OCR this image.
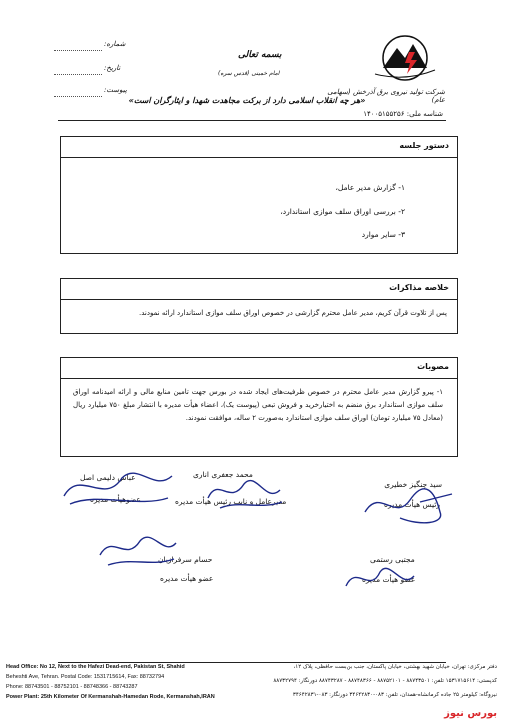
شرکت تولید نیروی برق آذرخش (سهامی عام)
بسمه تعالی
امام خمینی (قدس سره)
«هر چه انقلاب اسلامی دارد از برکت مجاهدت شهدا و ایثارگران است»
شماره:
تاریخ:
پیوست:
شناسه ملی: ۱۴۰۰۵۱۵۵۲۵۶
دستور جلسه
۱- گزارش مدیر عامل،
۲- بررسی اوراق سلف موازی استاندارد،
۳- سایر موارد
خلاصه مذاکرات
پس از تلاوت قرآن کریم، مدیر عامل محترم گزارشی در خصوص اوراق سلف موازی استاندارد ارائه نمودند.
مصوبات
۱- پیرو گزارش مدیر عامل محترم در خصوص ظرفیت‌های ایجاد شده در بورس جهت تامین منابع مالی و ارائه امیدنامه اوراق سلف موازی استاندارد برق منضم به اختیارخرید و فروش تبعی (پیوست یک)، اعضاء هیأت مدیره با انتشار مبلغ ۷۵۰ میلیارد ریال (معادل ۷۵ میلیارد تومان) اوراق سلف موازی استاندارد به‌صورت ۲ ساله، موافقت نمودند.
سید چنگیز خطیری
رئیس هیأت مدیره
محمد جعفری اناری
مدیرعامل و نایب رئیس هیأت مدیره
عباس دلیمی اصل
عضوهیأت مدیره
مجتبی رستمی
عضو هیأت مدیره
حسام سرفرازیان
عضو هیأت مدیره
Head Office: No 12, Next to the Hafezi Dead-end, Pakistan St, Shahid
Beheshti Ave, Tehran. Postal Code: 1531715614, Fax: 88732794
Phone: 88743501 - 88752101 - 88748366 - 88743287
Power Plant: 25th Kilometer Of Kermanshah-Hamedan Rode, Kermanshah,IRAN
دفتر مرکزی: تهران، خیابان شهید بهشتی، خیابان پاکستان، جنب بن‌بست حافظی، پلاک ۱۲،
کدپستی: ۱۵۳۱۷۱۵۶۱۴ تلفن: ۸۸۷۴۳۵۰۱ - ۸۸۷۵۲۱۰۱ - ۸۸۷۴۸۳۶۶ - ۸۸۷۴۳۲۸۷ دورنگار: ۸۸۷۳۲۷۹۴
نیروگاه: کیلومتر ۲۵ جاده کرمانشاه-همدان، تلفن: ۰۸۳-۳۴۶۴۲۸۳۰ دورنگار: ۰۸۳-۳۴۶۴۲۸۳۱
بورس نیوز
